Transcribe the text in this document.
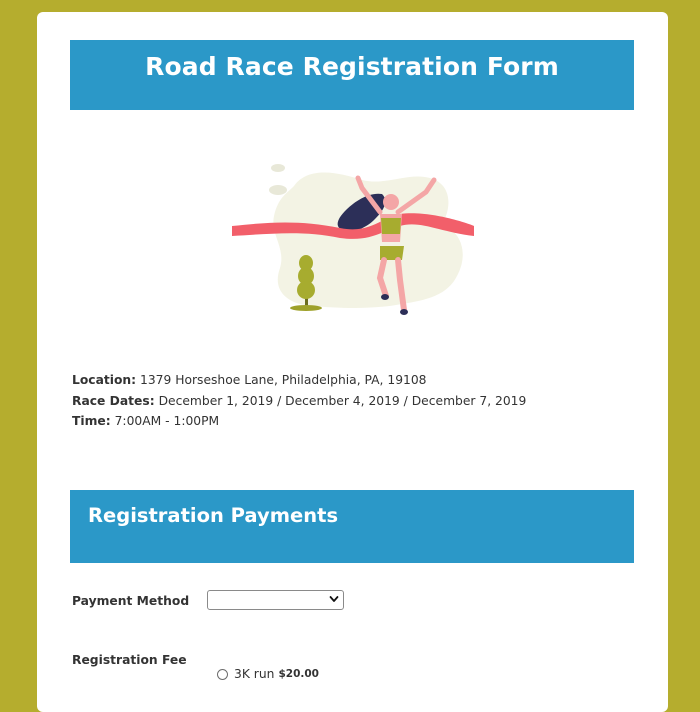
Road Race Registration Form
Location: 1379 Horseshoe Lane, Philadelphia, PA, 19108
Race Dates: December 1, 2019 / December 4, 2019 / December 7, 2019
Time: 7:00AM - 1:00PM
Registration Payments
Payment Method
Registration Fee
3K run $20.00
